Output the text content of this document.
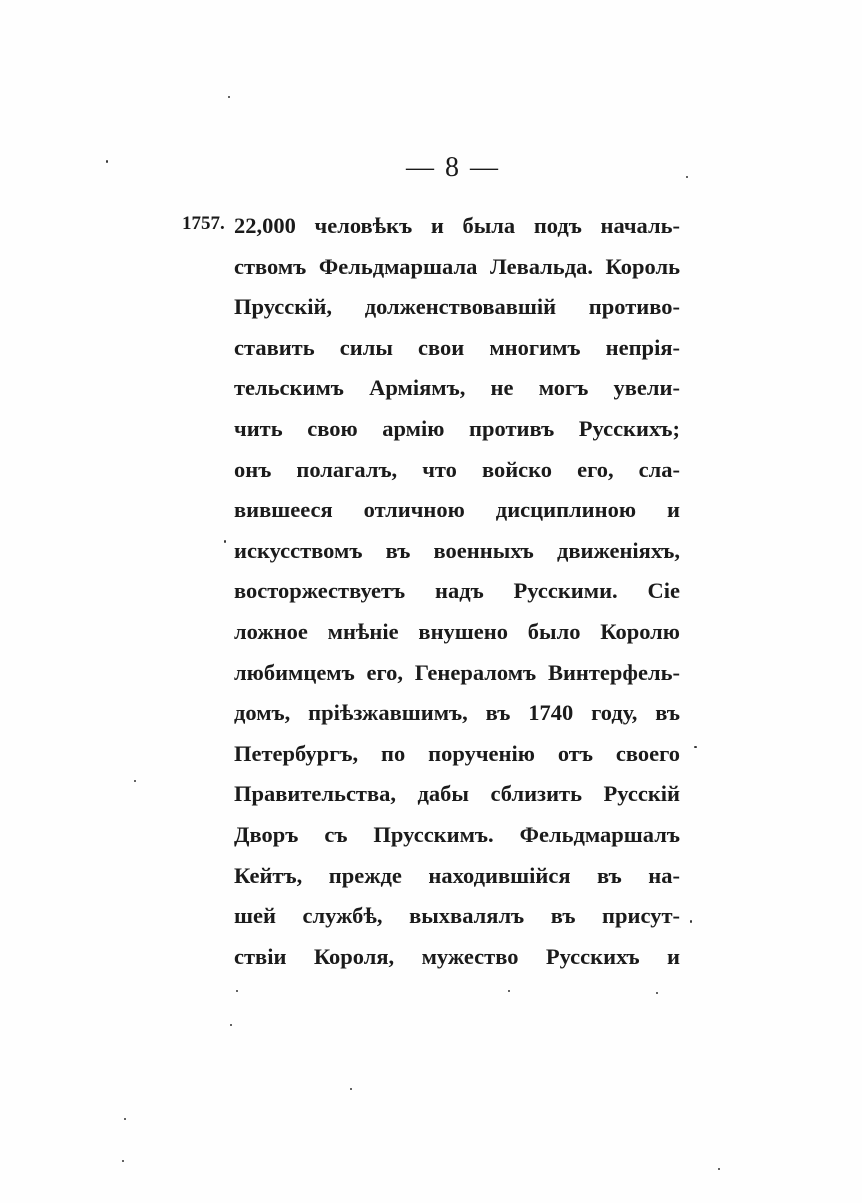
— 8 —
1757. 22,000 человѣкъ и была подъ началь-
ствомъ Фельдмаршала Левальда. Король
Прусскій, долженствовавшій противо-
ставить силы свои многимъ непрія-
тельскимъ Арміямъ, не могъ увели-
чить свою армію противъ Русскихъ;
онъ полагалъ, что войско его, сла-
вившееся отличною дисциплиною и
искусствомъ въ военныхъ движеніяхъ,
восторжествуетъ надъ Русскими. Сіе
ложное мнѣніе внушено было Королю
любимцемъ его, Генераломъ Винтерфель-
домъ, пріѣзжавшимъ, въ 1740 году, въ
Петербургъ, по порученію отъ своего
Правительства, дабы сблизить Русскій
Дворъ съ Прусскимъ. Фельдмаршалъ
Кейтъ, прежде находившійся въ на-
шей службѣ, выхвалялъ въ присут-
ствіи Короля, мужество Русскихъ и
